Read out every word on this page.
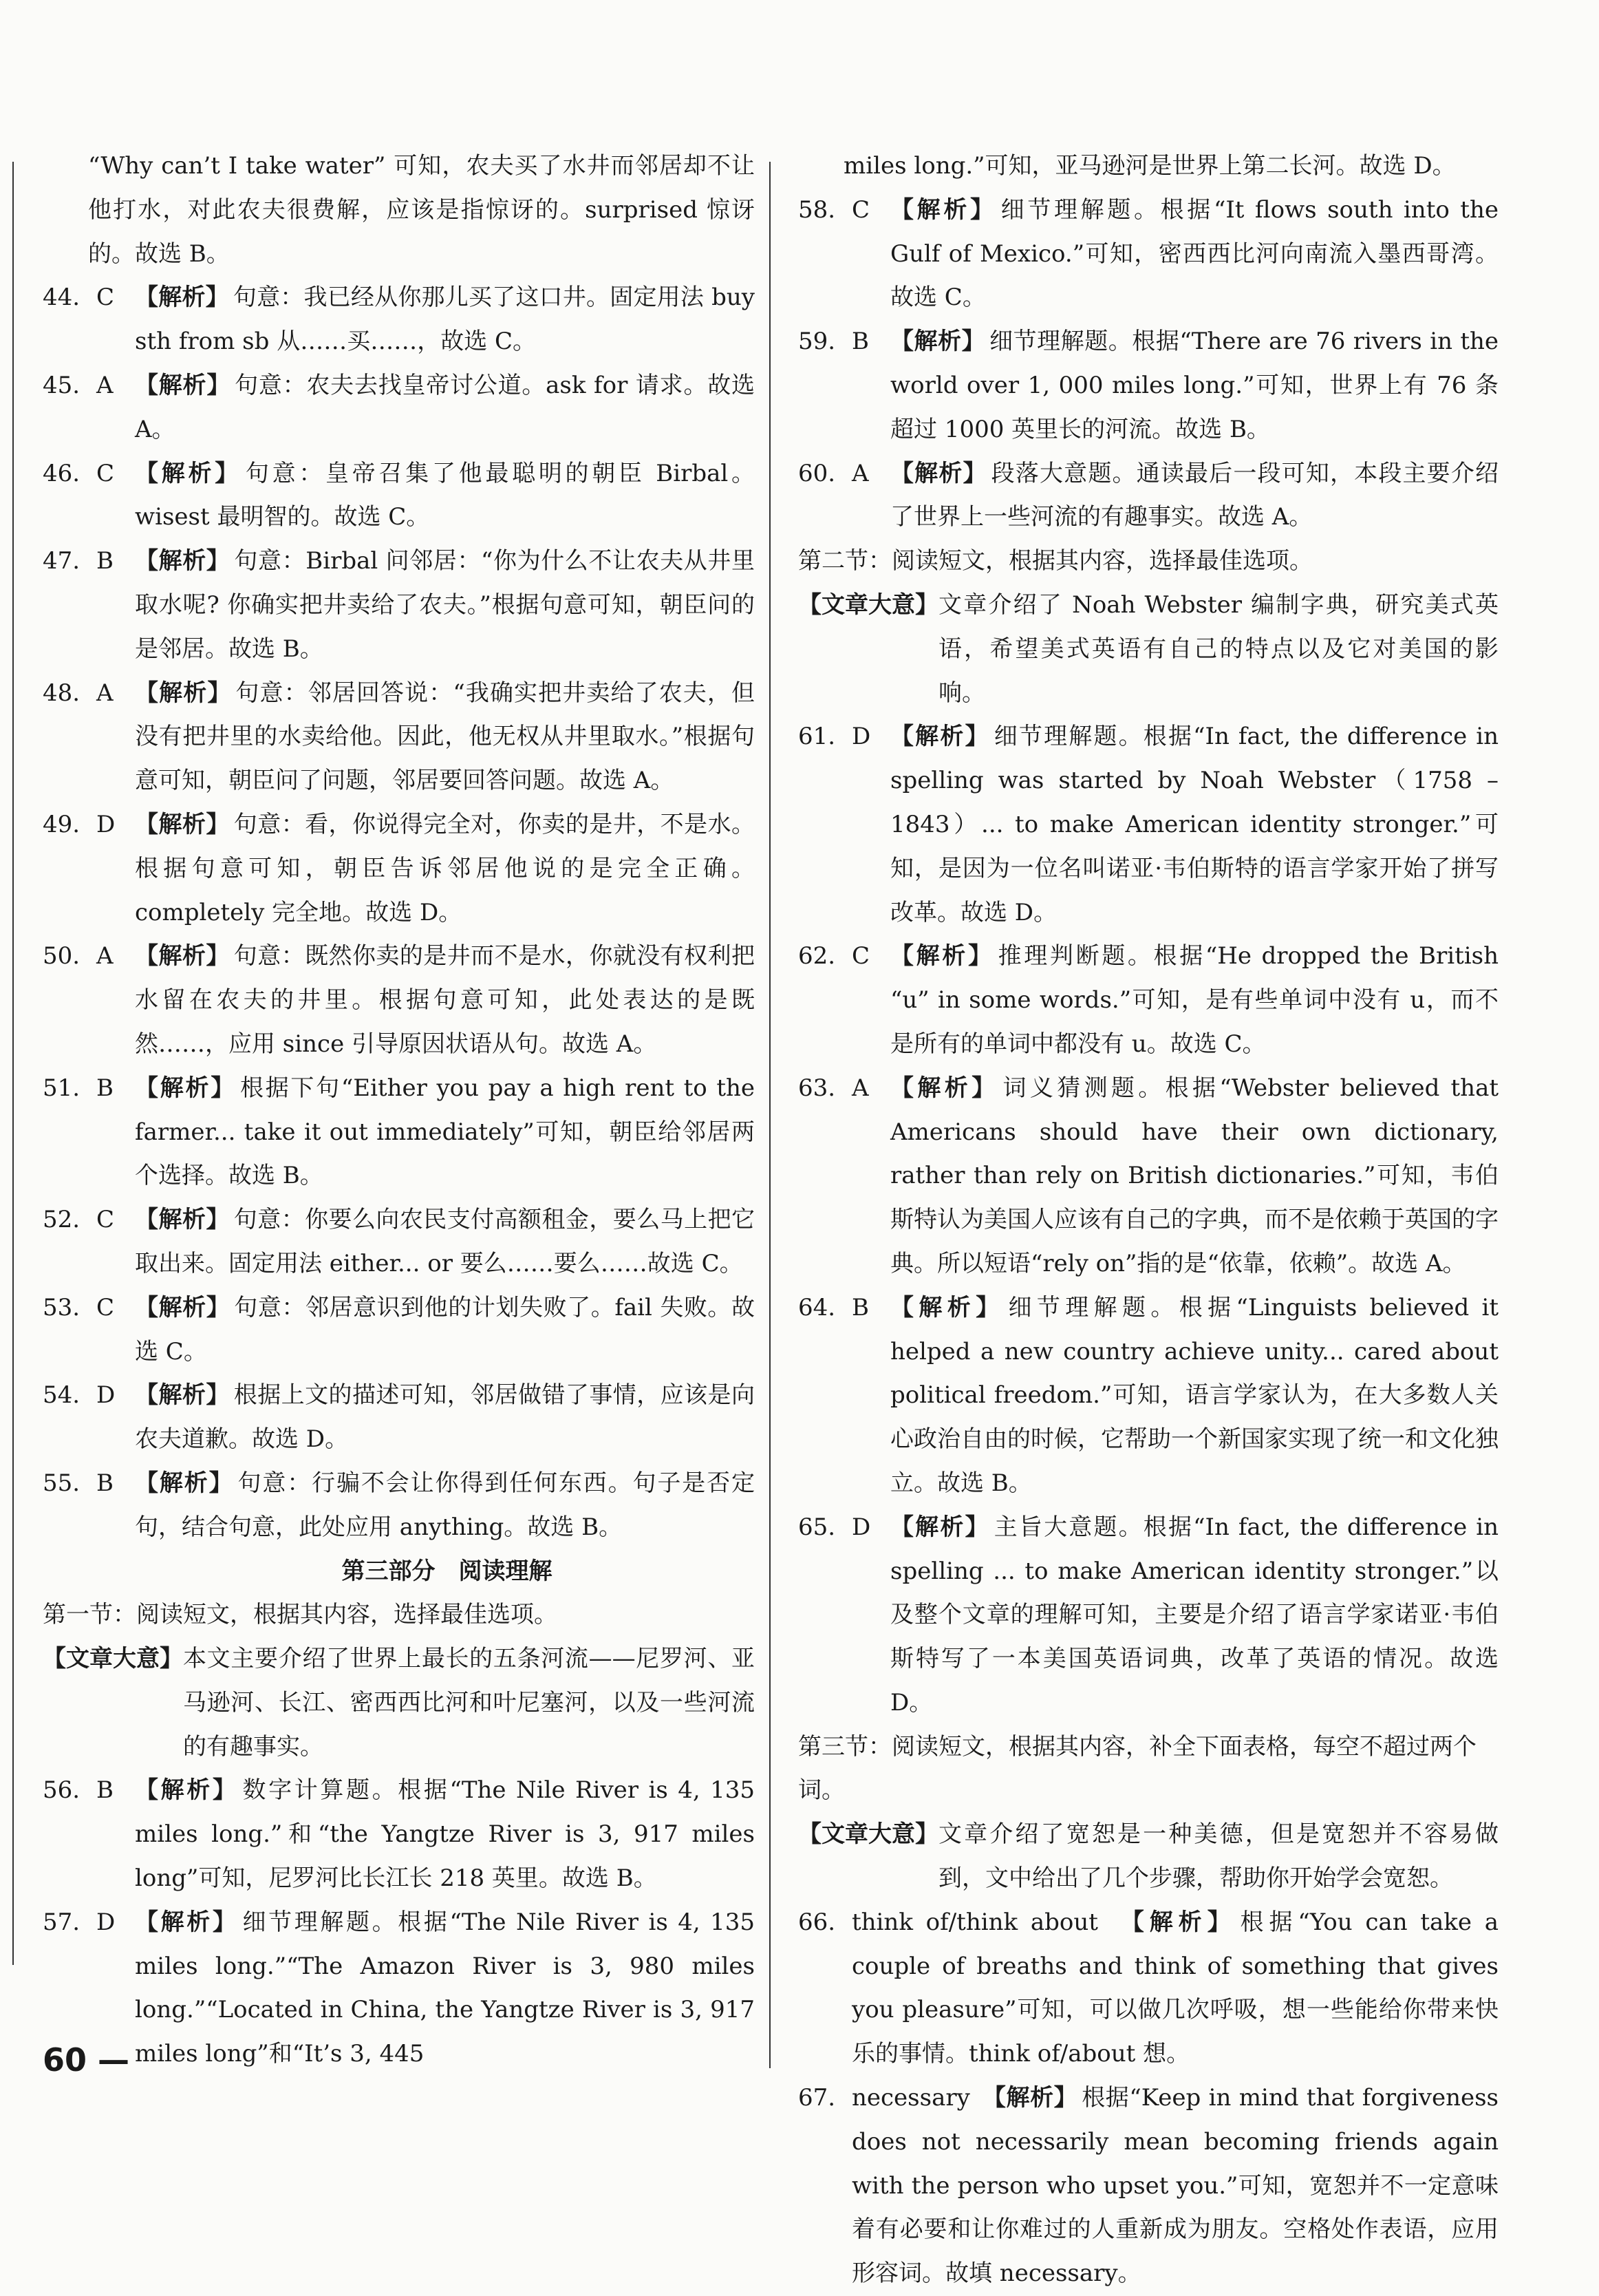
“Why can’t I take water” 可知，农夫买了水井而邻居却不让他打水，对此农夫很费解，应该是指惊讶的。surprised 惊讶的。故选 B。

44. C 【解析】 句意：我已经从你那儿买了这口井。固定用法 buy sth from sb 从……买……，故选 C。
45. A 【解析】 句意：农夫去找皇帝讨公道。ask for 请求。故选 A。
46. C 【解析】 句意：皇帝召集了他最聪明的朝臣 Birbal。wisest 最明智的。故选 C。
47. B 【解析】 句意：Birbal 问邻居：“你为什么不让农夫从井里取水呢? 你确实把井卖给了农夫。”根据句意可知，朝臣问的是邻居。故选 B。
48. A 【解析】 句意：邻居回答说：“我确实把井卖给了农夫，但没有把井里的水卖给他。因此，他无权从井里取水。”根据句意可知，朝臣问了问题，邻居要回答问题。故选 A。
49. D 【解析】 句意：看，你说得完全对，你卖的是井，不是水。根据句意可知，朝臣告诉邻居他说的是完全正确。completely 完全地。故选 D。
50. A 【解析】 句意：既然你卖的是井而不是水，你就没有权利把水留在农夫的井里。根据句意可知，此处表达的是既然……，应用 since 引导原因状语从句。故选 A。
51. B 【解析】 根据下句“Either you pay a high rent to the farmer... take it out immediately”可知，朝臣给邻居两个选择。故选 B。
52. C 【解析】 句意：你要么向农民支付高额租金，要么马上把它取出来。固定用法 either... or 要么……要么……故选 C。
53. C 【解析】 句意：邻居意识到他的计划失败了。fail 失败。故选 C。
54. D 【解析】 根据上文的描述可知，邻居做错了事情，应该是向农夫道歉。故选 D。
55. B 【解析】 句意：行骗不会让你得到任何东西。句子是否定句，结合句意，此处应用 anything。故选 B。
第三部分　阅读理解

第一节：阅读短文，根据其内容，选择最佳选项。

【文章大意】 本文主要介绍了世界上最长的五条河流——尼罗河、亚马逊河、长江、密西西比河和叶尼塞河，以及一些河流的有趣事实。
56. B 【解析】 数字计算题。根据“The Nile River is 4, 135 miles long.”和“the Yangtze River is 3, 917 miles long”可知，尼罗河比长江长 218 英里。故选 B。
57. D 【解析】 细节理解题。根据“The Nile River is 4, 135 miles long.”“The Amazon River is 3, 980 miles long.”“Located in China, the Yangtze River is 3, 917 miles long”和“It’s 3, 445

miles long.”可知，亚马逊河是世界上第二长河。故选 D。

58. C 【解析】 细节理解题。根据“It flows south into the Gulf of Mexico.”可知，密西西比河向南流入墨西哥湾。故选 C。
59. B 【解析】 细节理解题。根据“There are 76 rivers in the world over 1, 000 miles long.”可知，世界上有 76 条超过 1000 英里长的河流。故选 B。
60. A 【解析】 段落大意题。通读最后一段可知，本段主要介绍了世界上一些河流的有趣事实。故选 A。

第二节：阅读短文，根据其内容，选择最佳选项。

【文章大意】 文章介绍了 Noah Webster 编制字典，研究美式英语，希望美式英语有自己的特点以及它对美国的影响。
61. D 【解析】 细节理解题。根据“In fact, the difference in spelling was started by Noah Webster（1758 – 1843）... to make American identity stronger.”可知，是因为一位名叫诺亚·韦伯斯特的语言学家开始了拼写改革。故选 D。
62. C 【解析】 推理判断题。根据“He dropped the British “u” in some words.”可知，是有些单词中没有 u，而不是所有的单词中都没有 u。故选 C。
63. A 【解析】 词义猜测题。根据“Webster believed that Americans should have their own dictionary, rather than rely on British dictionaries.”可知，韦伯斯特认为美国人应该有自己的字典，而不是依赖于英国的字典。所以短语“rely on”指的是“依靠，依赖”。故选 A。
64. B 【解析】 细节理解题。根据“Linguists believed it helped a new country achieve unity... cared about political freedom.”可知，语言学家认为，在大多数人关心政治自由的时候，它帮助一个新国家实现了统一和文化独立。故选 B。
65. D 【解析】 主旨大意题。根据“In fact, the difference in spelling ... to make American identity stronger.”以及整个文章的理解可知，主要是介绍了语言学家诺亚·韦伯斯特写了一本美国英语词典，改革了英语的情况。故选 D。

第三节：阅读短文，根据其内容，补全下面表格，每空不超过两个词。

【文章大意】 文章介绍了宽恕是一种美德，但是宽恕并不容易做到，文中给出了几个步骤，帮助你开始学会宽恕。
66. think of/think about　 【解析】 根据“You can take a couple of breaths and think of something that gives you pleasure”可知，可以做几次呼吸，想一些能给你带来快乐的事情。think of/about 想。
67. necessary　 【解析】 根据“Keep in mind that forgiveness does not necessarily mean becoming friends again with the person who upset you.”可知，宽恕并不一定意味着有必要和让你难过的人重新成为朋友。空格处作表语，应用形容词。故填 necessary。
60 —
